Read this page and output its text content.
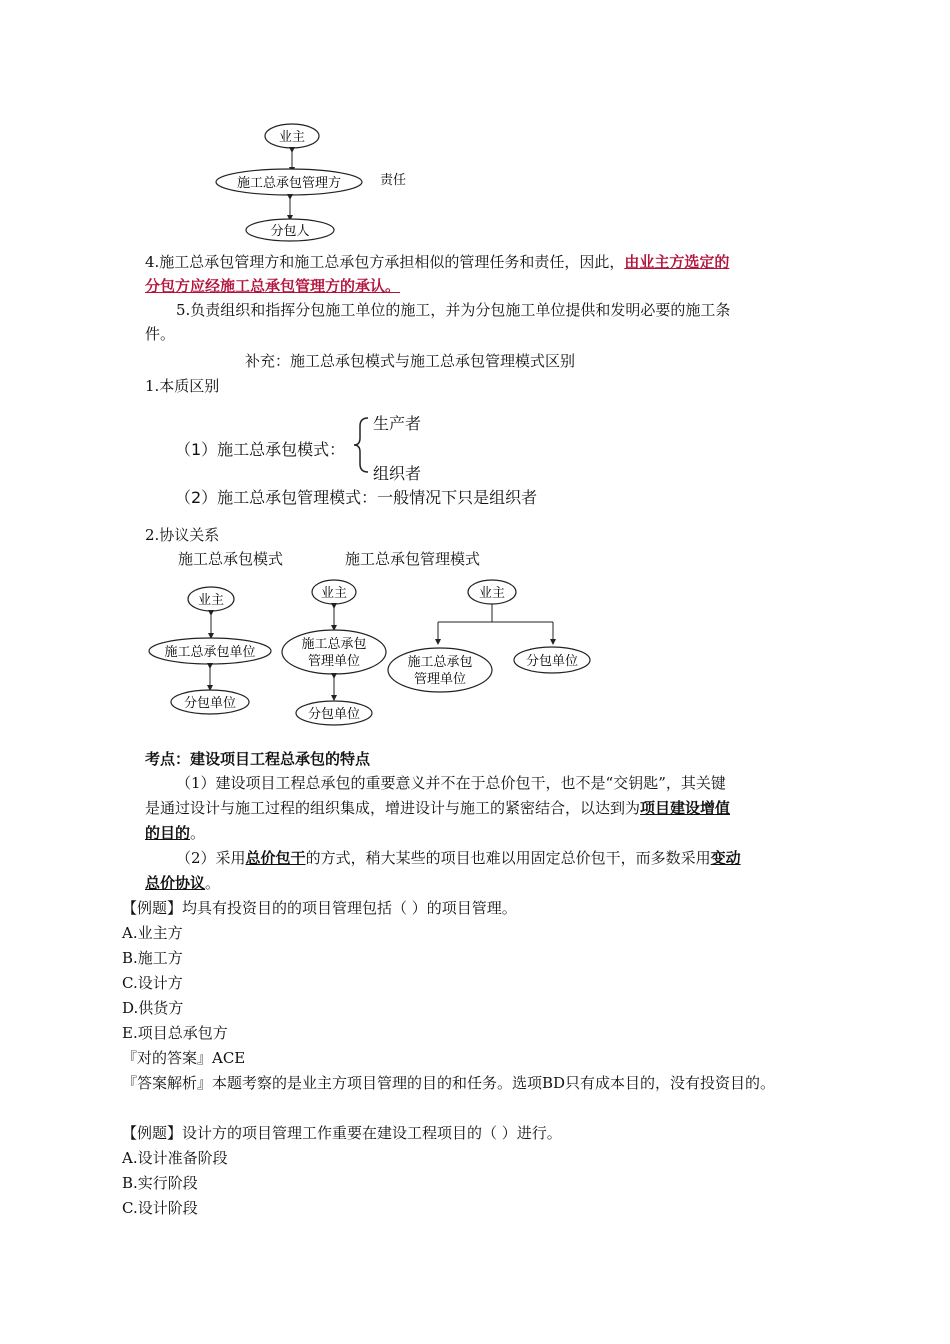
业主
施工总承包管理方
分包人
责任
4.施工总承包管理方和施工总承包方承担相似的管理任务和责任，因此，由业主方选定的
分包方应经施工总承包管理方的承认。
5.负责组织和指挥分包施工单位的施工，并为分包施工单位提供和发明必要的施工条
件。
补充：施工总承包模式与施工总承包管理模式区别
1.本质区别
（1）施工总承包模式：
生产者
组织者
（2）施工总承包管理模式：一般情况下只是组织者
2.协议关系
施工总承包模式	施工总承包管理模式
业主
施工总承包单位
分包单位
业主
施工总承包
管理单位
分包单位
业主
施工总承包
管理单位
分包单位
考点：建设项目工程总承包的特点
（1）建设项目工程总承包的重要意义并不在于总价包干，也不是“交钥匙”，其关键
是通过设计与施工过程的组织集成，增进设计与施工的紧密结合，以达到为项目建设增值
的目的。
（2）采用总价包干的方式，稍大某些的项目也难以用固定总价包干，而多数采用变动
总价协议。
【例题】均具有投资目的的项目管理包括（ ）的项目管理。
A.业主方
B.施工方
C.设计方
D.供货方
E.项目总承包方
『对的答案』ACE
『答案解析』本题考察的是业主方项目管理的目的和任务。选项BD只有成本目的，没有投资目的。
【例题】设计方的项目管理工作重要在建设工程项目的（ ）进行。
A.设计准备阶段
B.实行阶段
C.设计阶段
